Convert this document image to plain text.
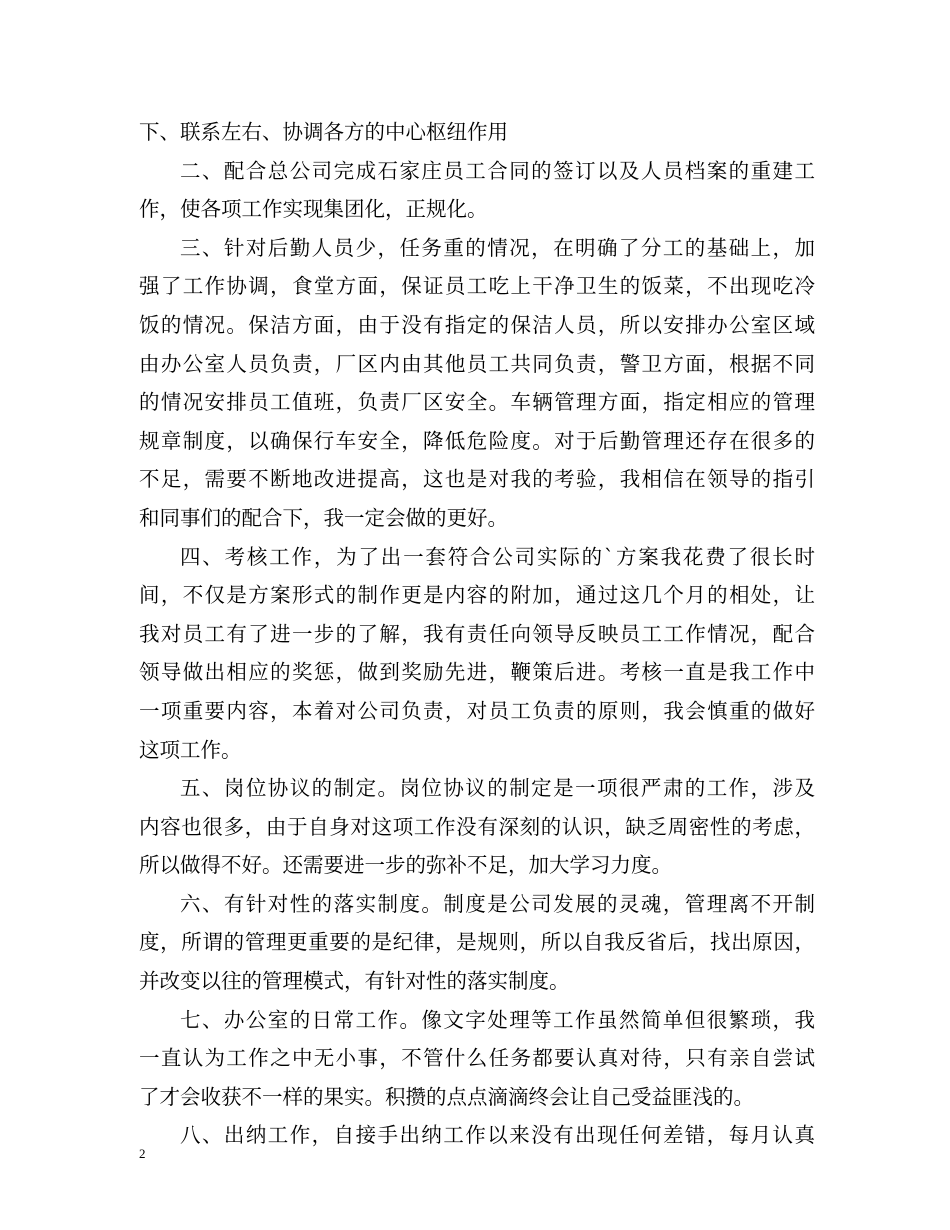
下、联系左右、协调各方的中心枢纽作用
二、配合总公司完成石家庄员工合同的签订以及人员档案的重建工
作，使各项工作实现集团化，正规化。
三、针对后勤人员少，任务重的情况，在明确了分工的基础上，加
强了工作协调，食堂方面，保证员工吃上干净卫生的饭菜，不出现吃冷
饭的情况。保洁方面，由于没有指定的保洁人员，所以安排办公室区域
由办公室人员负责，厂区内由其他员工共同负责，警卫方面，根据不同
的情况安排员工值班，负责厂区安全。车辆管理方面，指定相应的管理
规章制度，以确保行车安全，降低危险度。对于后勤管理还存在很多的
不足，需要不断地改进提高，这也是对我的考验，我相信在领导的指引
和同事们的配合下，我一定会做的更好。
四、考核工作，为了出一套符合公司实际的`方案我花费了很长时
间，不仅是方案形式的制作更是内容的附加，通过这几个月的相处，让
我对员工有了进一步的了解，我有责任向领导反映员工工作情况，配合
领导做出相应的奖惩，做到奖励先进，鞭策后进。考核一直是我工作中
一项重要内容，本着对公司负责，对员工负责的原则，我会慎重的做好
这项工作。
五、岗位协议的制定。岗位协议的制定是一项很严肃的工作，涉及
内容也很多，由于自身对这项工作没有深刻的认识，缺乏周密性的考虑，
所以做得不好。还需要进一步的弥补不足，加大学习力度。
六、有针对性的落实制度。制度是公司发展的灵魂，管理离不开制
度，所谓的管理更重要的是纪律，是规则，所以自我反省后，找出原因，
并改变以往的管理模式，有针对性的落实制度。
七、办公室的日常工作。像文字处理等工作虽然简单但很繁琐，我
一直认为工作之中无小事，不管什么任务都要认真对待，只有亲自尝试
了才会收获不一样的果实。积攒的点点滴滴终会让自己受益匪浅的。
八、出纳工作，自接手出纳工作以来没有出现任何差错，每月认真
2
